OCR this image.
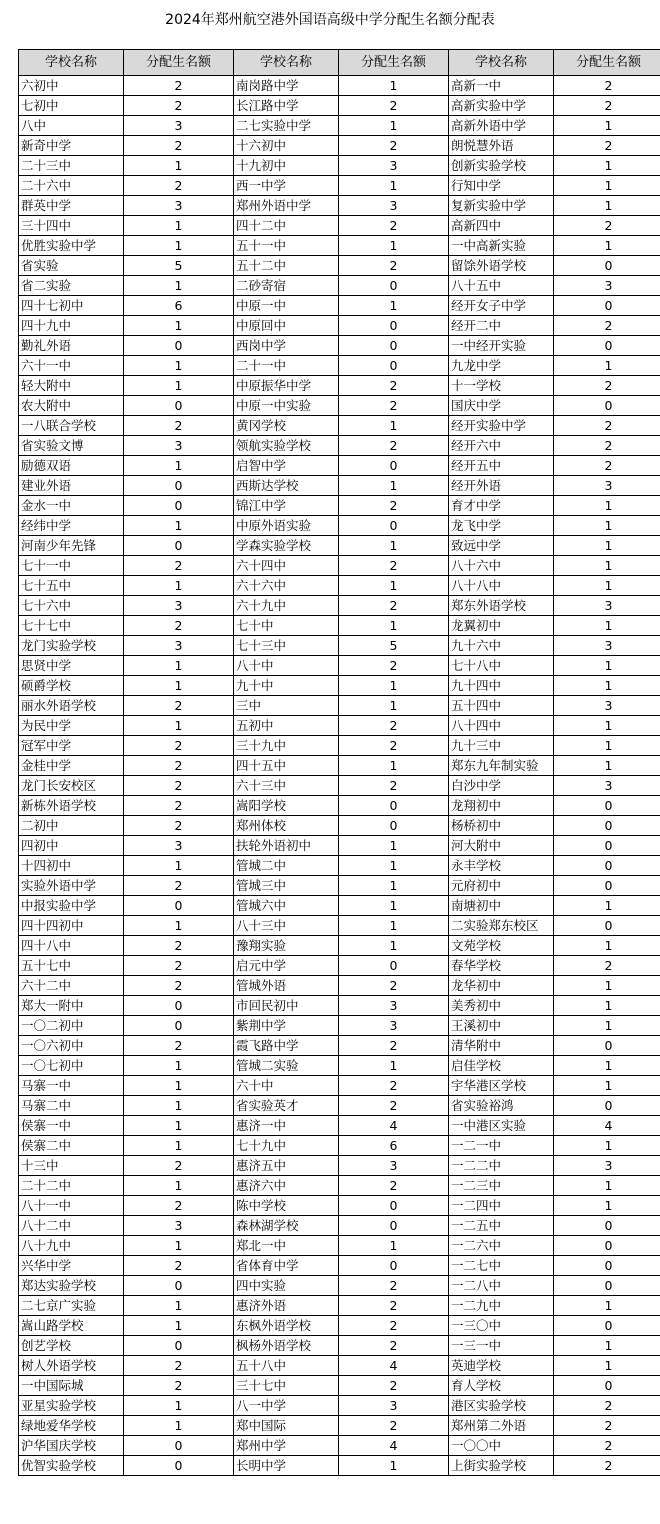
2024年郑州航空港外国语高级中学分配生名额分配表
学校名称	分配生名额	学校名称	分配生名额	学校名称	分配生名额
六初中	2	南岗路中学	1	高新一中	2
七初中	2	长江路中学	2	高新实验中学	2
八中	3	二七实验中学	1	高新外语中学	1
新奇中学	2	十六初中	2	朗悦慧外语	2
二十三中	1	十九初中	3	创新实验学校	1
二十六中	2	西一中学	1	行知中学	1
群英中学	3	郑州外语中学	3	复新实验中学	1
三十四中	1	四十二中	2	高新四中	2
优胜实验中学	1	五十一中	1	一中高新实验	1
省实验	5	五十二中	2	留馀外语学校	0
省二实验	1	二砂寄宿	0	八十五中	3
四十七初中	6	中原一中	1	经开女子中学	0
四十九中	1	中原回中	0	经开二中	2
勤礼外语	0	西岗中学	0	一中经开实验	0
六十一中	1	二十一中	0	九龙中学	1
轻大附中	1	中原振华中学	2	十一学校	2
农大附中	0	中原一中实验	2	国庆中学	0
一八联合学校	2	黄冈学校	1	经开实验中学	2
省实验文博	3	领航实验学校	2	经开六中	2
励德双语	1	启智中学	0	经开五中	2
建业外语	0	西斯达学校	1	经开外语	3
金水一中	0	锦江中学	2	育才中学	1
经纬中学	1	中原外语实验	0	龙飞中学	1
河南少年先锋	0	学森实验学校	1	致远中学	1
七十一中	2	六十四中	2	八十六中	1
七十五中	1	六十六中	1	八十八中	1
七十六中	3	六十九中	2	郑东外语学校	3
七十七中	2	七十中	1	龙翼初中	1
龙门实验学校	3	七十三中	5	九十六中	3
思贤中学	1	八十中	2	七十八中	1
硕爵学校	1	九十中	1	九十四中	1
丽水外语学校	2	三中	1	五十四中	3
为民中学	1	五初中	2	八十四中	1
冠军中学	2	三十九中	2	九十三中	1
金桂中学	2	四十五中	1	郑东九年制实验	1
龙门长安校区	2	六十三中	2	白沙中学	3
新栋外语学校	2	嵩阳学校	0	龙翔初中	0
二初中	2	郑州体校	0	杨桥初中	0
四初中	3	扶轮外语初中	1	河大附中	0
十四初中	1	管城二中	1	永丰学校	0
实验外语中学	2	管城三中	1	元府初中	0
中报实验中学	0	管城六中	1	南塘初中	1
四十四初中	1	八十三中	1	二实验郑东校区	0
四十八中	2	豫翔实验	1	文苑学校	1
五十七中	2	启元中学	0	春华学校	2
六十二中	2	管城外语	2	龙华初中	1
郑大一附中	0	市回民初中	3	美秀初中	1
一〇二初中	0	紫荆中学	3	王溪初中	1
一〇六初中	2	霞飞路中学	2	清华附中	0
一〇七初中	1	管城二实验	1	启佳学校	1
马寨一中	1	六十中	2	宇华港区学校	1
马寨二中	1	省实验英才	2	省实验裕鸿	0
侯寨一中	1	惠济一中	4	一中港区实验	4
侯寨二中	1	七十九中	6	一二一中	1
十三中	2	惠济五中	3	一二二中	3
二十二中	1	惠济六中	2	一二三中	1
八十一中	2	陈中学校	0	一二四中	1
八十二中	3	森林湖学校	0	一二五中	0
八十九中	1	郑北一中	1	一二六中	0
兴华中学	2	省体育中学	0	一二七中	0
郑达实验学校	0	四中实验	2	一二八中	0
二七京广实验	1	惠济外语	2	一二九中	1
嵩山路学校	1	东枫外语学校	2	一三〇中	0
创艺学校	0	枫杨外语学校	2	一三一中	1
树人外语学校	2	五十八中	4	英迪学校	1
一中国际城	2	三十七中	2	育人学校	0
亚星实验学校	1	八一中学	3	港区实验学校	2
绿地爱华学校	1	郑中国际	2	郑州第二外语	2
沪华国庆学校	0	郑州中学	4	一〇〇中	2
优智实验学校	0	长明中学	1	上街实验学校	2
